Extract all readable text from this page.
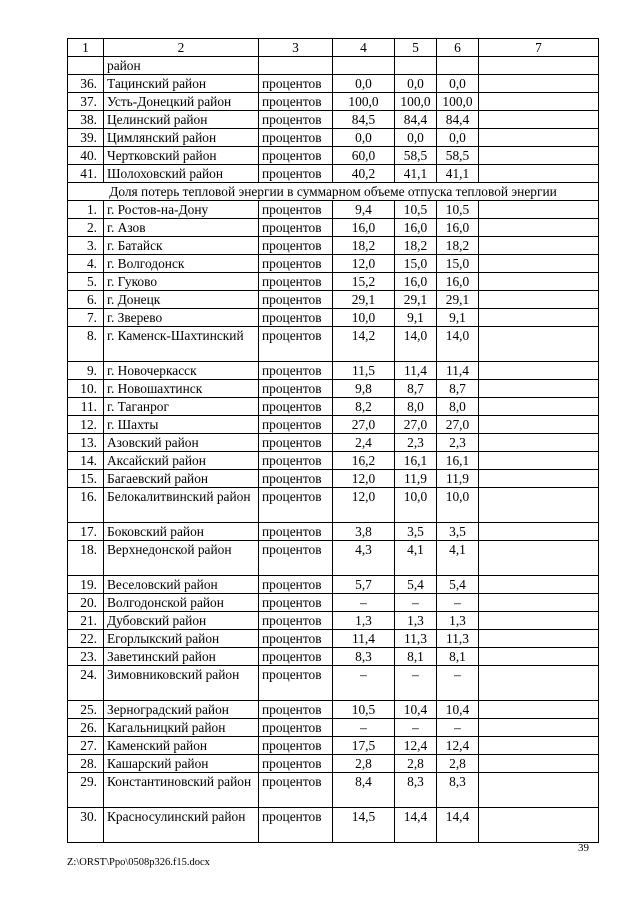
1	2	3	4	5	6	7
	район					
36.	Тацинский район	процентов	0,0	0,0	0,0	
37.	Усть-Донецкий район	процентов	100,0	100,0	100,0	
38.	Целинский район	процентов	84,5	84,4	84,4	
39.	Цимлянский район	процентов	0,0	0,0	0,0	
40.	Чертковский район	процентов	60,0	58,5	58,5	
41.	Шолоховский район	процентов	40,2	41,1	41,1	
Доля потерь тепловой энергии в суммарном объеме отпуска тепловой энергии						
1.	г. Ростов-на-Дону	процентов	9,4	10,5	10,5	
2.	г. Азов	процентов	16,0	16,0	16,0	
3.	г. Батайск	процентов	18,2	18,2	18,2	
4.	г. Волгодонск	процентов	12,0	15,0	15,0	
5.	г. Гуково	процентов	15,2	16,0	16,0	
6.	г. Донецк	процентов	29,1	29,1	29,1	
7.	г. Зверево	процентов	10,0	9,1	9,1	
8.	г. Каменск-Шахтинский	процентов	14,2	14,0	14,0	
9.	г. Новочеркасск	процентов	11,5	11,4	11,4	
10.	г. Новошахтинск	процентов	9,8	8,7	8,7	
11.	г. Таганрог	процентов	8,2	8,0	8,0	
12.	г. Шахты	процентов	27,0	27,0	27,0	
13.	Азовский район	процентов	2,4	2,3	2,3	
14.	Аксайский район	процентов	16,2	16,1	16,1	
15.	Багаевский район	процентов	12,0	11,9	11,9	
16.	Белокалитвинский район	процентов	12,0	10,0	10,0	
17.	Боковский район	процентов	3,8	3,5	3,5	
18.	Верхнедонской район	процентов	4,3	4,1	4,1	
19.	Веселовский район	процентов	5,7	5,4	5,4	
20.	Волгодонской район	процентов	–	–	–	
21.	Дубовский район	процентов	1,3	1,3	1,3	
22.	Егорлыкский район	процентов	11,4	11,3	11,3	
23.	Заветинский район	процентов	8,3	8,1	8,1	
24.	Зимовниковский район	процентов	–	–	–	
25.	Зерноградский район	процентов	10,5	10,4	10,4	
26.	Кагальницкий район	процентов	–	–	–	
27.	Каменский район	процентов	17,5	12,4	12,4	
28.	Кашарский район	процентов	2,8	2,8	2,8	
29.	Константиновский район	процентов	8,4	8,3	8,3	
30.	Красносулинский район	процентов	14,5	14,4	14,4	
39
Z:\ORST\Ppo\0508p326.f15.docx
